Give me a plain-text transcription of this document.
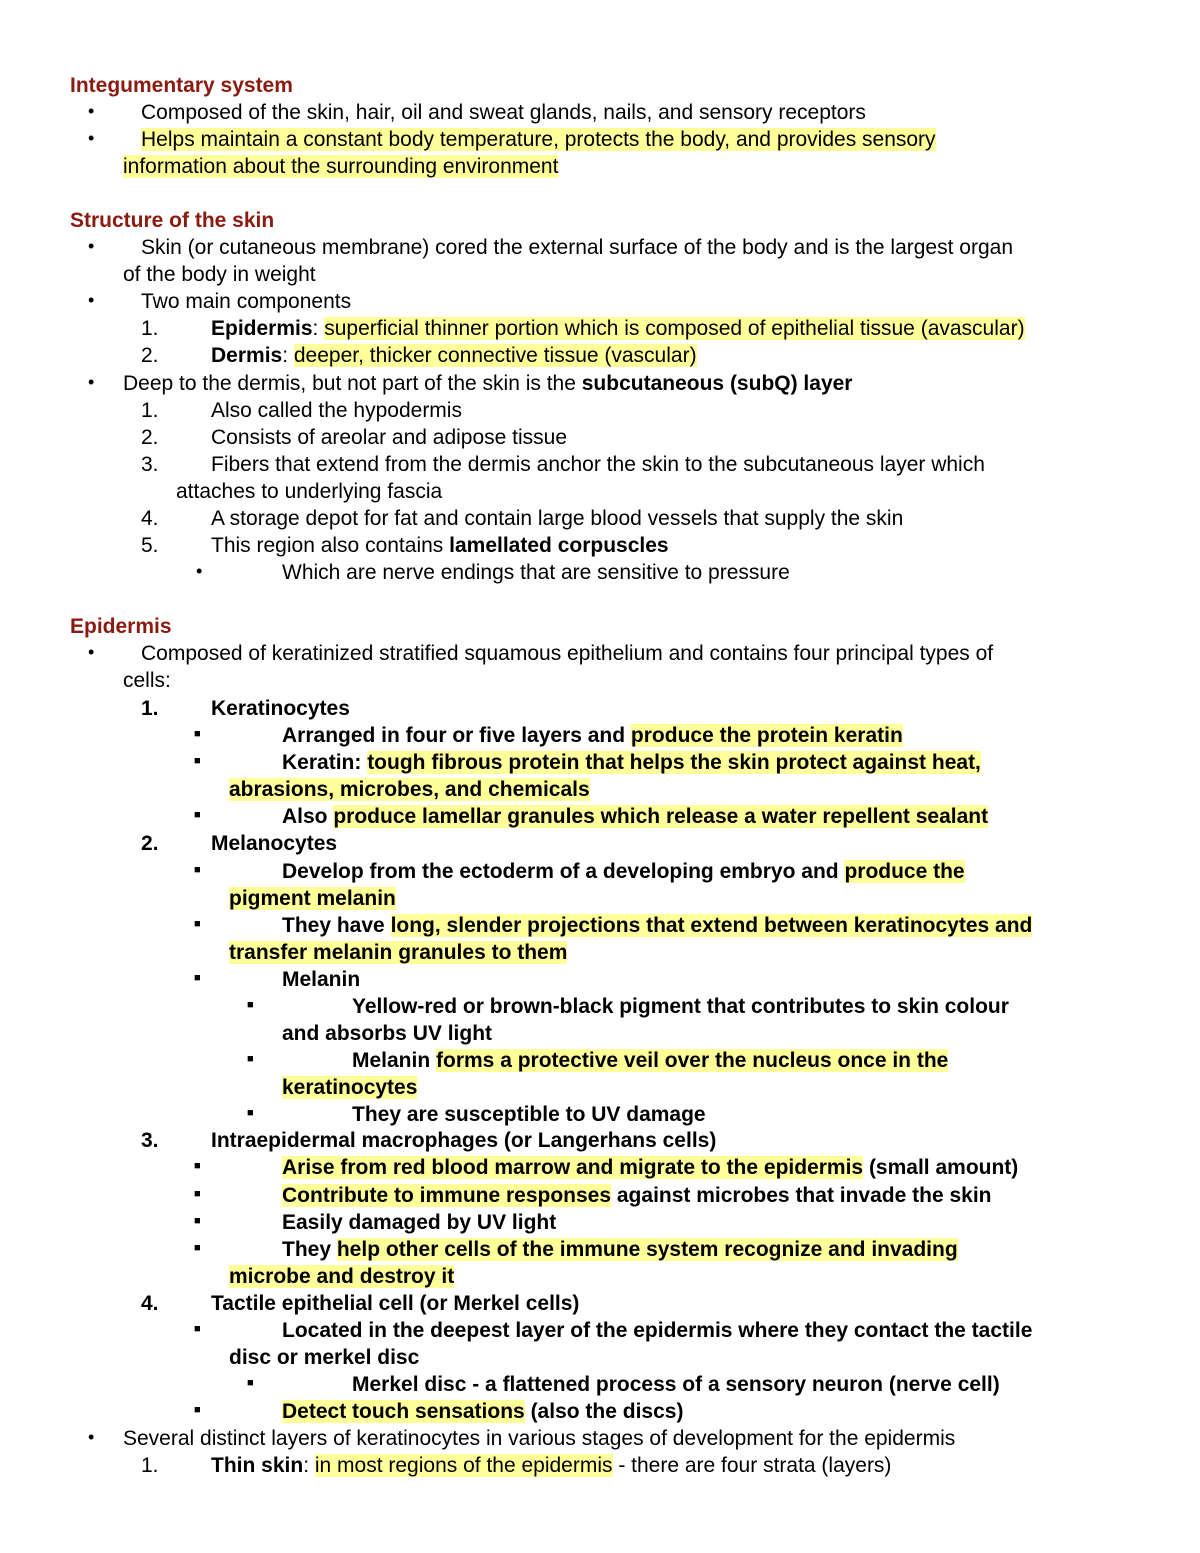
Integumentary system
• Composed of the skin, hair, oil and sweat glands, nails, and sensory receptors
• Helps maintain a constant body temperature, protects the body, and provides sensory
information about the surrounding environment
Structure of the skin
• Skin (or cutaneous membrane) cored the external surface of the body and is the largest organ
of the body in weight
• Two main components
1. Epidermis: superficial thinner portion which is composed of epithelial tissue (avascular)
2. Dermis: deeper, thicker connective tissue (vascular)
• Deep to the dermis, but not part of the skin is the subcutaneous (subQ) layer
1. Also called the hypodermis
2. Consists of areolar and adipose tissue
3. Fibers that extend from the dermis anchor the skin to the subcutaneous layer which
attaches to underlying fascia
4. A storage depot for fat and contain large blood vessels that supply the skin
5. This region also contains lamellated corpuscles
•	Which are nerve endings that are sensitive to pressure
Epidermis
• Composed of keratinized stratified squamous epithelium and contains four principal types of
cells:
1. Keratinocytes
■	Arranged in four or five layers and produce the protein keratin
■	Keratin: tough fibrous protein that helps the skin protect against heat,
abrasions, microbes, and chemicals
■	Also produce lamellar granules which release a water repellent sealant
2. Melanocytes
■	Develop from the ectoderm of a developing embryo and produce the
pigment melanin
■	They have long, slender projections that extend between keratinocytes and
transfer melanin granules to them
■	Melanin
■	Yellow-red or brown-black pigment that contributes to skin colour
and absorbs UV light
■	Melanin forms a protective veil over the nucleus once in the
keratinocytes
■	They are susceptible to UV damage
3. Intraepidermal macrophages (or Langerhans cells)
■	Arise from red blood marrow and migrate to the epidermis (small amount)
■	Contribute to immune responses against microbes that invade the skin
■	Easily damaged by UV light
■	They help other cells of the immune system recognize and invading
microbe and destroy it
4. Tactile epithelial cell (or Merkel cells)
■	Located in the deepest layer of the epidermis where they contact the tactile
disc or merkel disc
■	Merkel disc - a flattened process of a sensory neuron (nerve cell)
■	Detect touch sensations (also the discs)
• Several distinct layers of keratinocytes in various stages of development for the epidermis
1. Thin skin: in most regions of the epidermis - there are four strata (layers)
